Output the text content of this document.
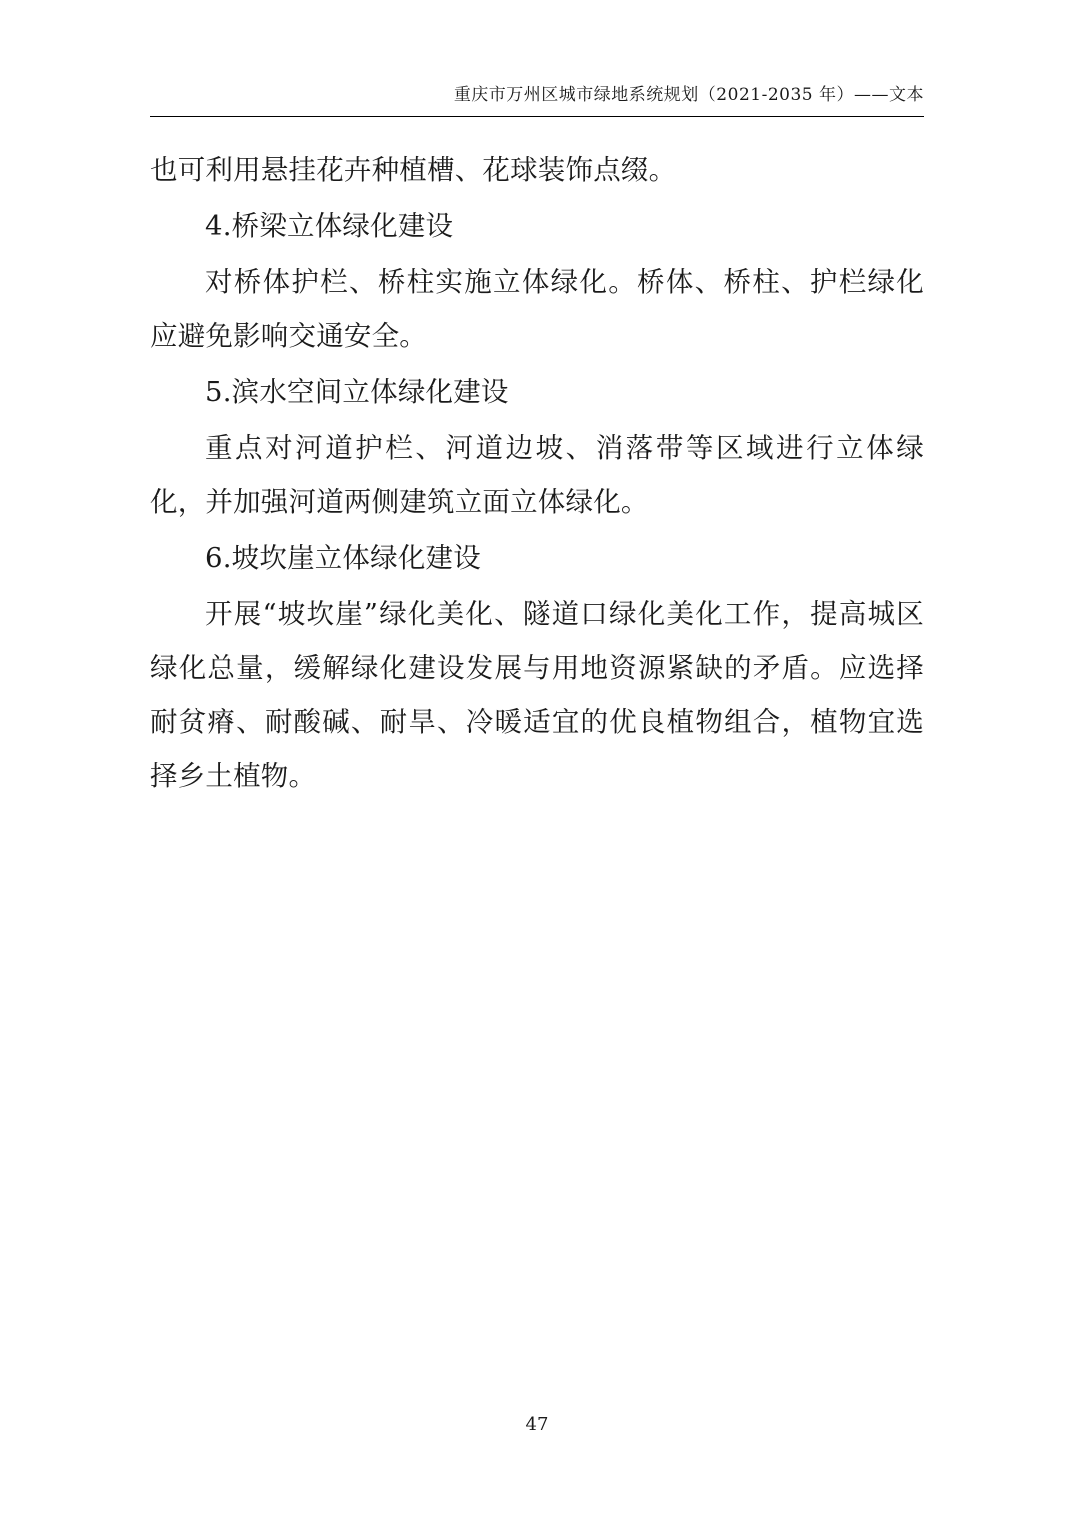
重庆市万州区城市绿地系统规划（2021-2035 年）——文本

也可利用悬挂花卉种植槽、花球装饰点缀。

4.桥梁立体绿化建设

对桥体护栏、桥柱实施立体绿化。桥体、桥柱、护栏绿化应避免影响交通安全。

5.滨水空间立体绿化建设

重点对河道护栏、河道边坡、消落带等区域进行立体绿化，并加强河道两侧建筑立面立体绿化。

6.坡坎崖立体绿化建设

开展“坡坎崖”绿化美化、隧道口绿化美化工作，提高城区绿化总量，缓解绿化建设发展与用地资源紧缺的矛盾。应选择耐贫瘠、耐酸碱、耐旱、冷暖适宜的优良植物组合，植物宜选择乡土植物。

47
